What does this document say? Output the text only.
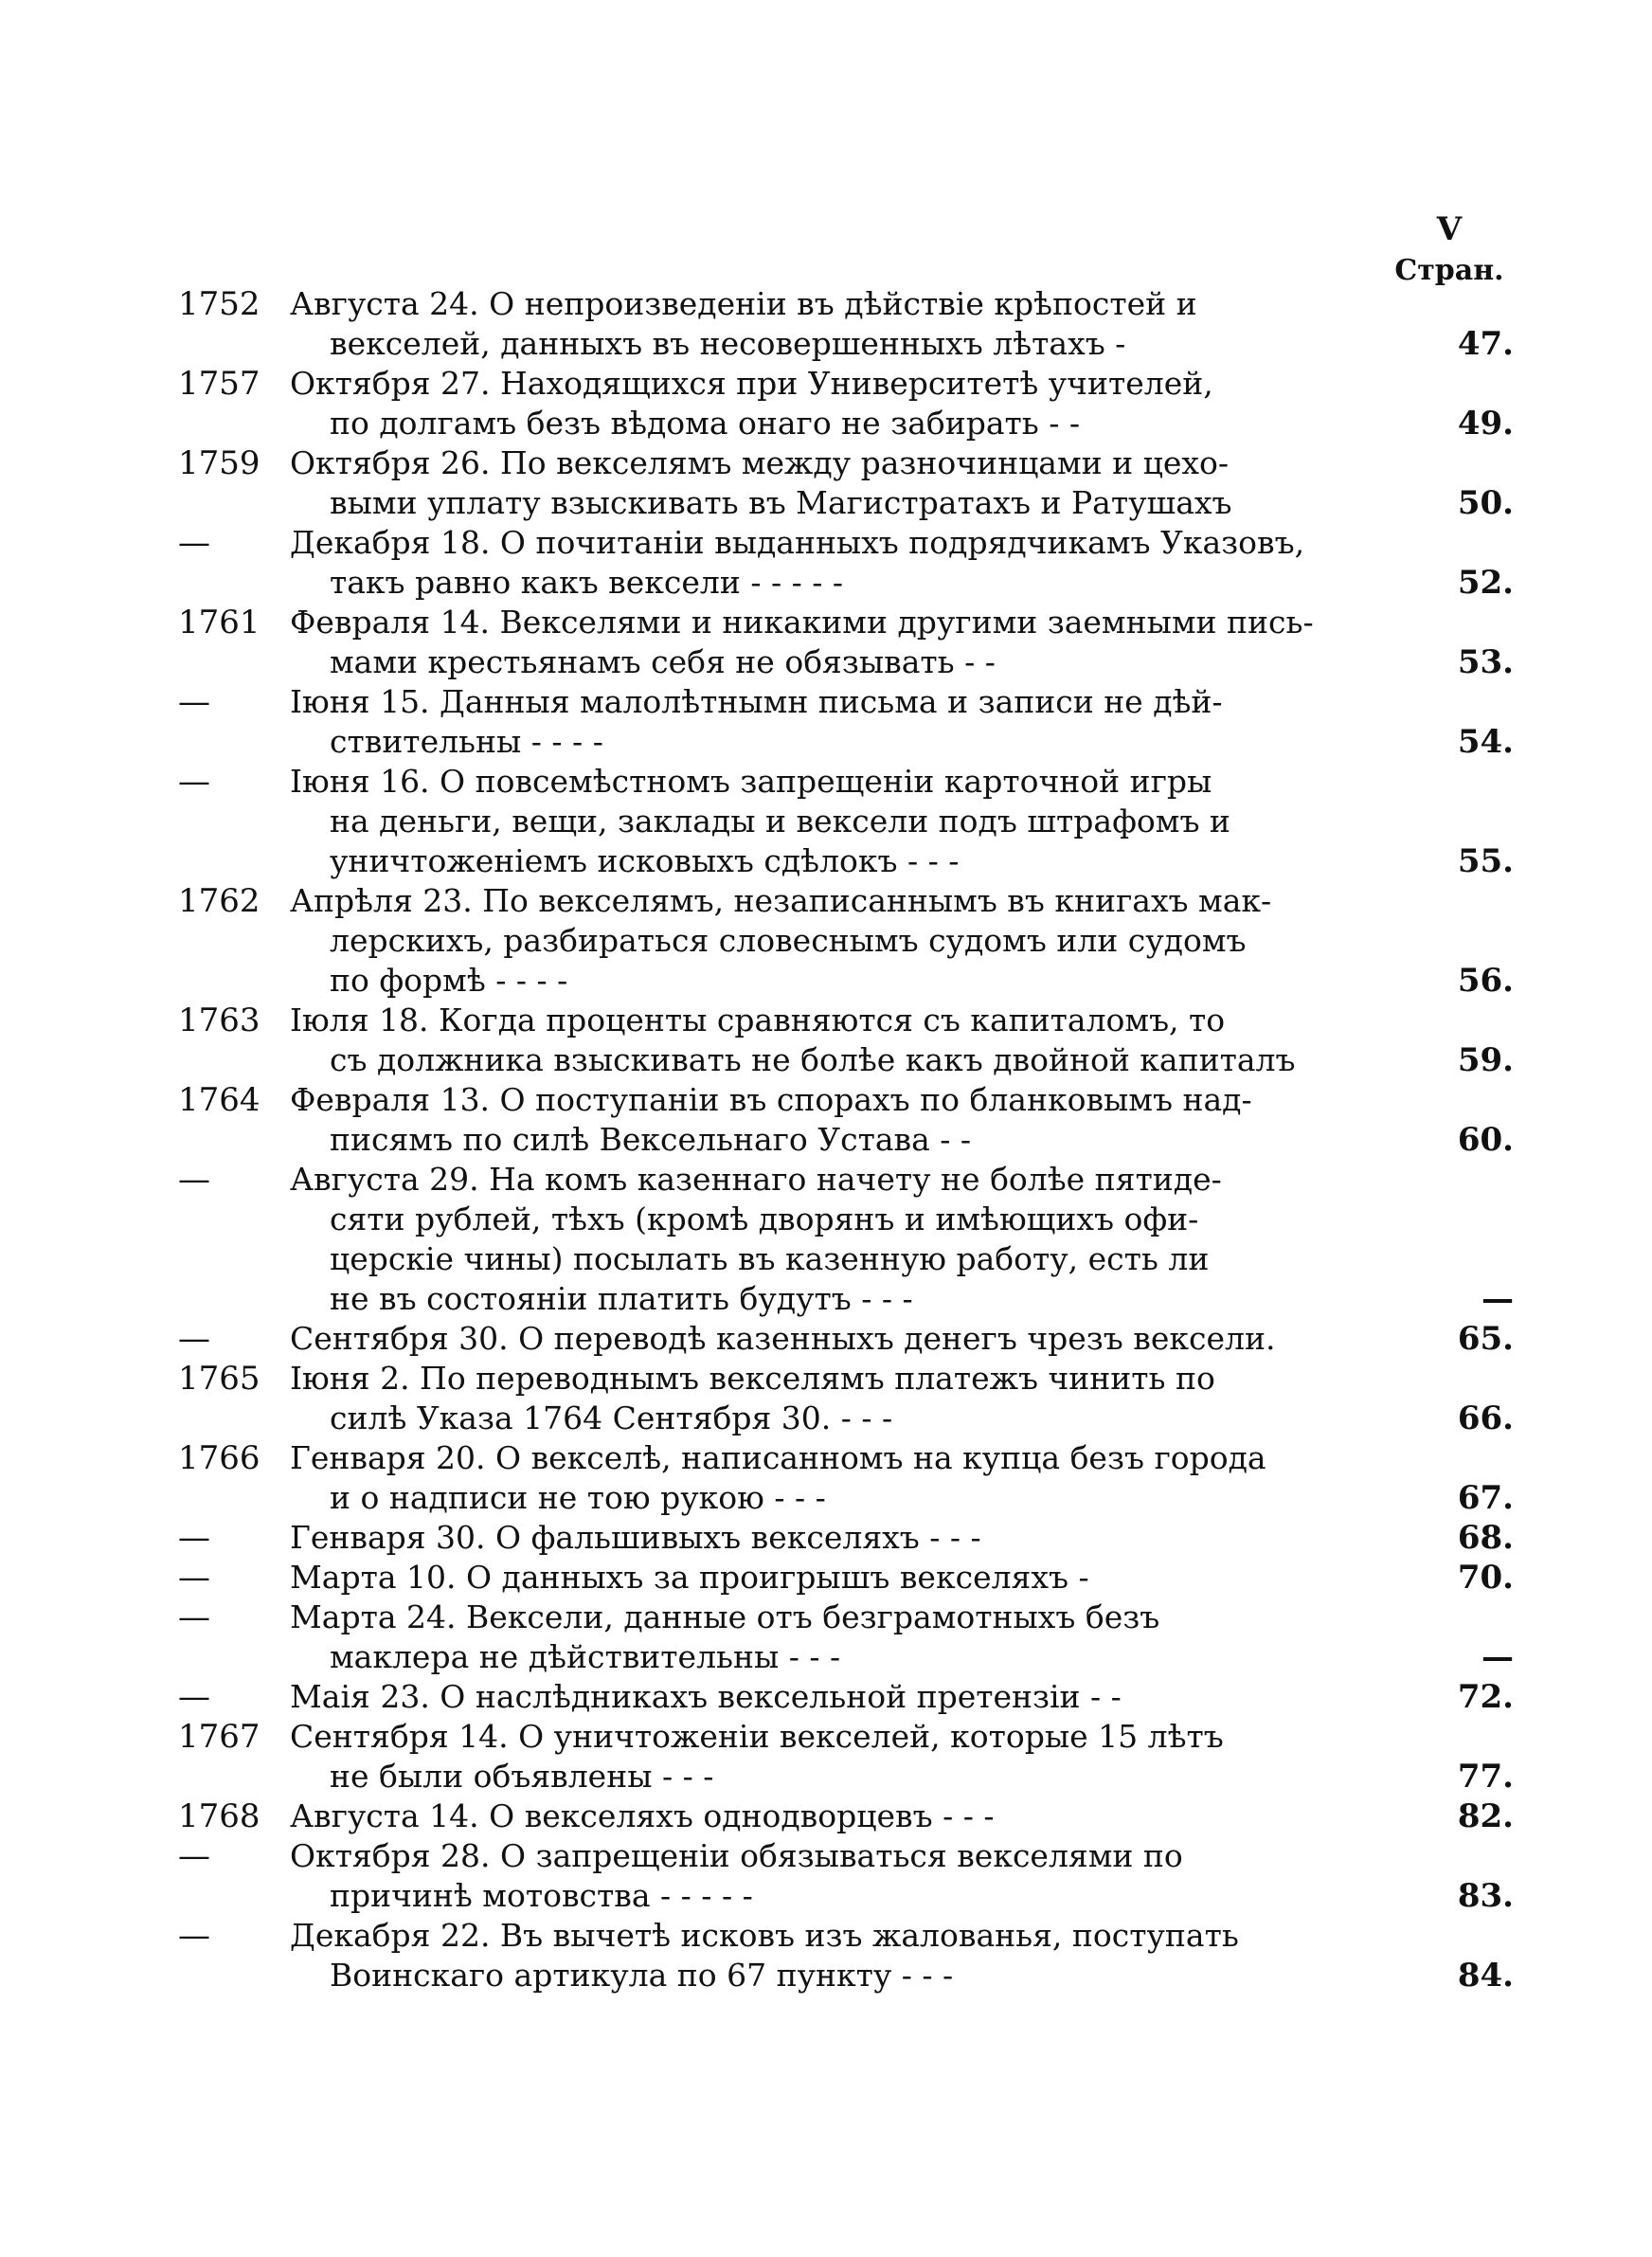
V
Стран.
1752 Августа 24. О непроизведенiи въ дѣйствiе крѣпостей и
векселей, данныхъ въ несовершенныхъ лѣтахъ -	47.
1757 Октября 27. Находящихся при Университетѣ учителей,
по долгамъ безъ вѣдома онаго не забирать - -	49.
1759 Октября 26. По векселямъ между разночинцами и цехо-
выми уплату взыскивать въ Магистратахъ и Ратушахъ	50.
—	Декабря 18. О почитанiи выданныхъ подрядчикамъ Указовъ,
такъ равно какъ вексели - - - - -	52.
1761 Февраля 14. Векселями и никакими другими заемными пись-
мами крестьянамъ себя не обязывать - -	53.
—	Iюня 15. Данныя малолѣтнымн письма и записи не дѣй-
ствительны - - - -	54.
—	Iюня 16. О повсемѣстномъ запрещенiи карточной игры
на деньги, вещи, заклады и вексели подъ штрафомъ и
уничтоженiемъ исковыхъ сдѣлокъ - - -	55.
1762 Апрѣля 23. По векселямъ, незаписаннымъ въ книгахъ мак-
лерскихъ, разбираться словеснымъ судомъ или судомъ
по формѣ - - - -	56.
1763 Iюля 18. Когда проценты сравняются съ капиталомъ, то
съ должника взыскивать не болѣе какъ двойной капиталъ	59.
1764 Февраля 13. О поступанiи въ спорахъ по бланковымъ над-
писямъ по силѣ Вексельнаго Устава - -	60.
—	Августа 29. На комъ казеннаго начету не болѣе пятиде-
сяти рублей, тѣхъ (кромѣ дворянъ и имѣющихъ офи-
церскiе чины) посылать въ казенную работу, есть ли
не въ состоянiи платить будутъ - - -	—
—	Сентября 30. О переводѣ казенныхъ денегъ чрезъ вексели.	65.
1765 Iюня 2. По переводнымъ векселямъ платежъ чинить по
силѣ Указа 1764 Сентября 30. - - -	66.
1766 Генваря 20. О векселѣ, написанномъ на купца безъ города
и о надписи не тою рукою - - -	67.
—	Генваря 30. О фальшивыхъ векселяхъ - - -	68.
—	Марта 10. О данныхъ за проигрышъ векселяхъ -	70.
—	Марта 24. Вексели, данные отъ безграмотныхъ безъ
маклера не дѣйствительны - - -	—
—	Маiя 23. О наслѣдникахъ вексельной претензiи - -	72.
1767 Сентября 14. О уничтоженiи векселей, которые 15 лѣтъ
не были объявлены - - -	77.
1768 Августа 14. О векселяхъ однодворцевъ - - -	82.
—	Октября 28. О запрещенiи обязываться векселями по
причинѣ мотовства - - - - -	83.
—	Декабря 22. Въ вычетѣ исковъ изъ жалованья, поступать
Воинскаго артикула по 67 пункту - - -	84.
